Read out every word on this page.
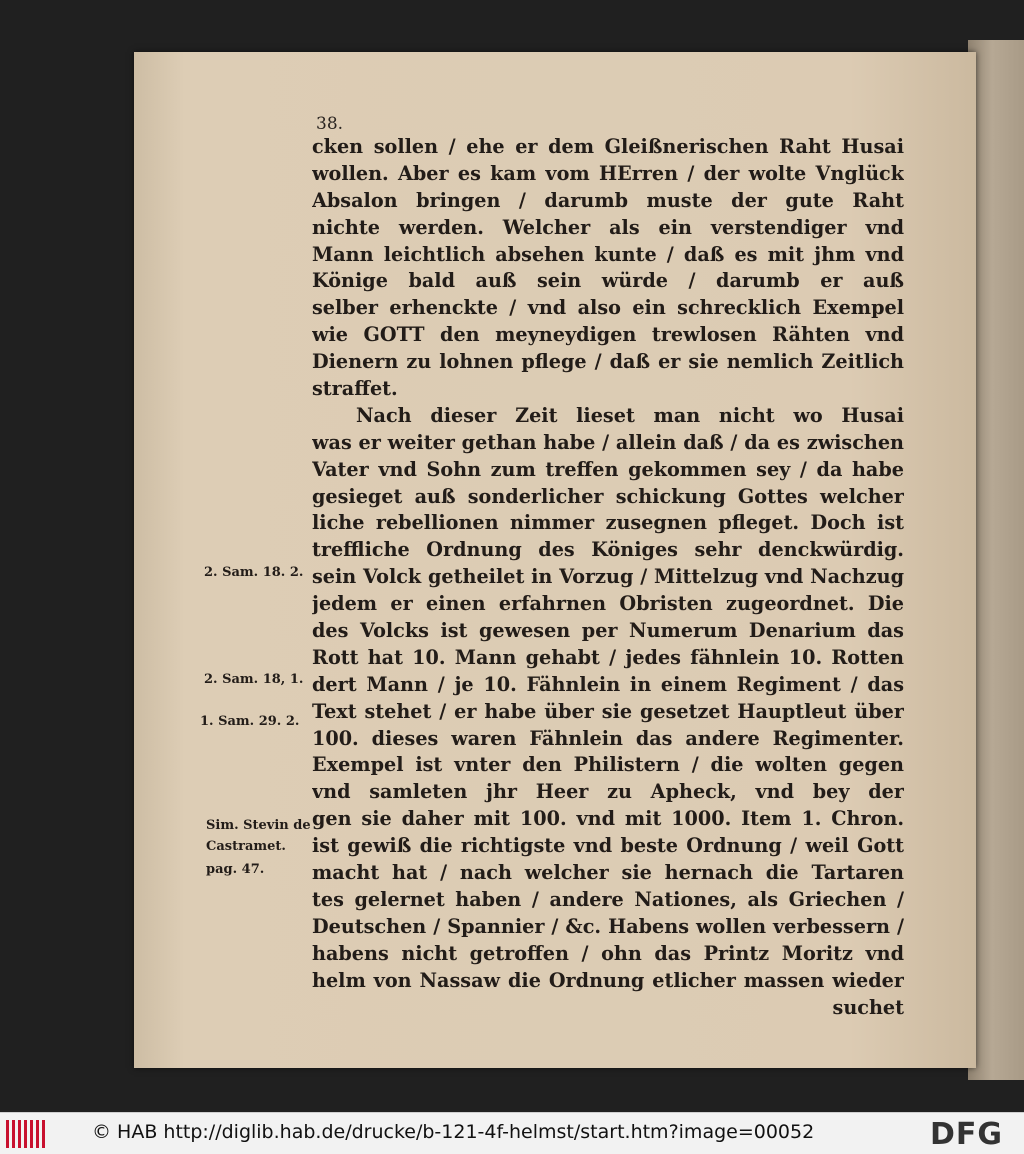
38.
cken sollen / ehe er dem Gleißnerischen Raht Husai
wollen. Aber es kam vom HErren / der wolte Vnglück
Absalon bringen / darumb muste der gute Raht
nichte werden. Welcher als ein verstendiger vnd
Mann leichtlich absehen kunte / daß es mit jhm vnd
Könige bald auß sein würde / darumb er auß
selber erhenckte / vnd also ein schrecklich Exempel
wie GOTT den meyneydigen trewlosen Rähten vnd
Dienern zu lohnen pflege / daß er sie nemlich Zeitlich
straffet.
Nach dieser Zeit lieset man nicht wo Husai
was er weiter gethan habe / allein daß / da es zwischen
Vater vnd Sohn zum treffen gekommen sey / da habe
gesieget auß sonderlicher schickung Gottes welcher
liche rebellionen nimmer zusegnen pfleget. Doch ist
treffliche Ordnung des Königes sehr denckwürdig.
sein Volck getheilet in Vorzug / Mittelzug vnd Nachzug
jedem er einen erfahrnen Obristen zugeordnet. Die
des Volcks ist gewesen per Numerum Denarium das
Rott hat 10. Mann gehabt / jedes fähnlein 10. Rotten
dert Mann / je 10. Fähnlein in einem Regiment / das
Text stehet / er habe über sie gesetzet Hauptleut über
100. dieses waren Fähnlein das andere Regimenter.
Exempel ist vnter den Philistern / die wolten gegen
vnd samleten jhr Heer zu Apheck, vnd bey der
gen sie daher mit 100. vnd mit 1000. Item 1. Chron.
ist gewiß die richtigste vnd beste Ordnung / weil Gott
macht hat / nach welcher sie hernach die Tartaren
tes gelernet haben / andere Nationes, als Griechen /
Deutschen / Spannier / &c. Habens wollen verbessern /
habens nicht getroffen / ohn das Printz Moritz vnd
helm von Nassaw die Ordnung etlicher massen wieder
suchet
2. Sam. 18. 2.
2. Sam. 18, 1.
1. Sam. 29. 2.
Sim. Stevin de
Castramet.
pag. 47.
© HAB http://diglib.hab.de/drucke/b-121-4f-helmst/start.htm?image=00052	DFG
